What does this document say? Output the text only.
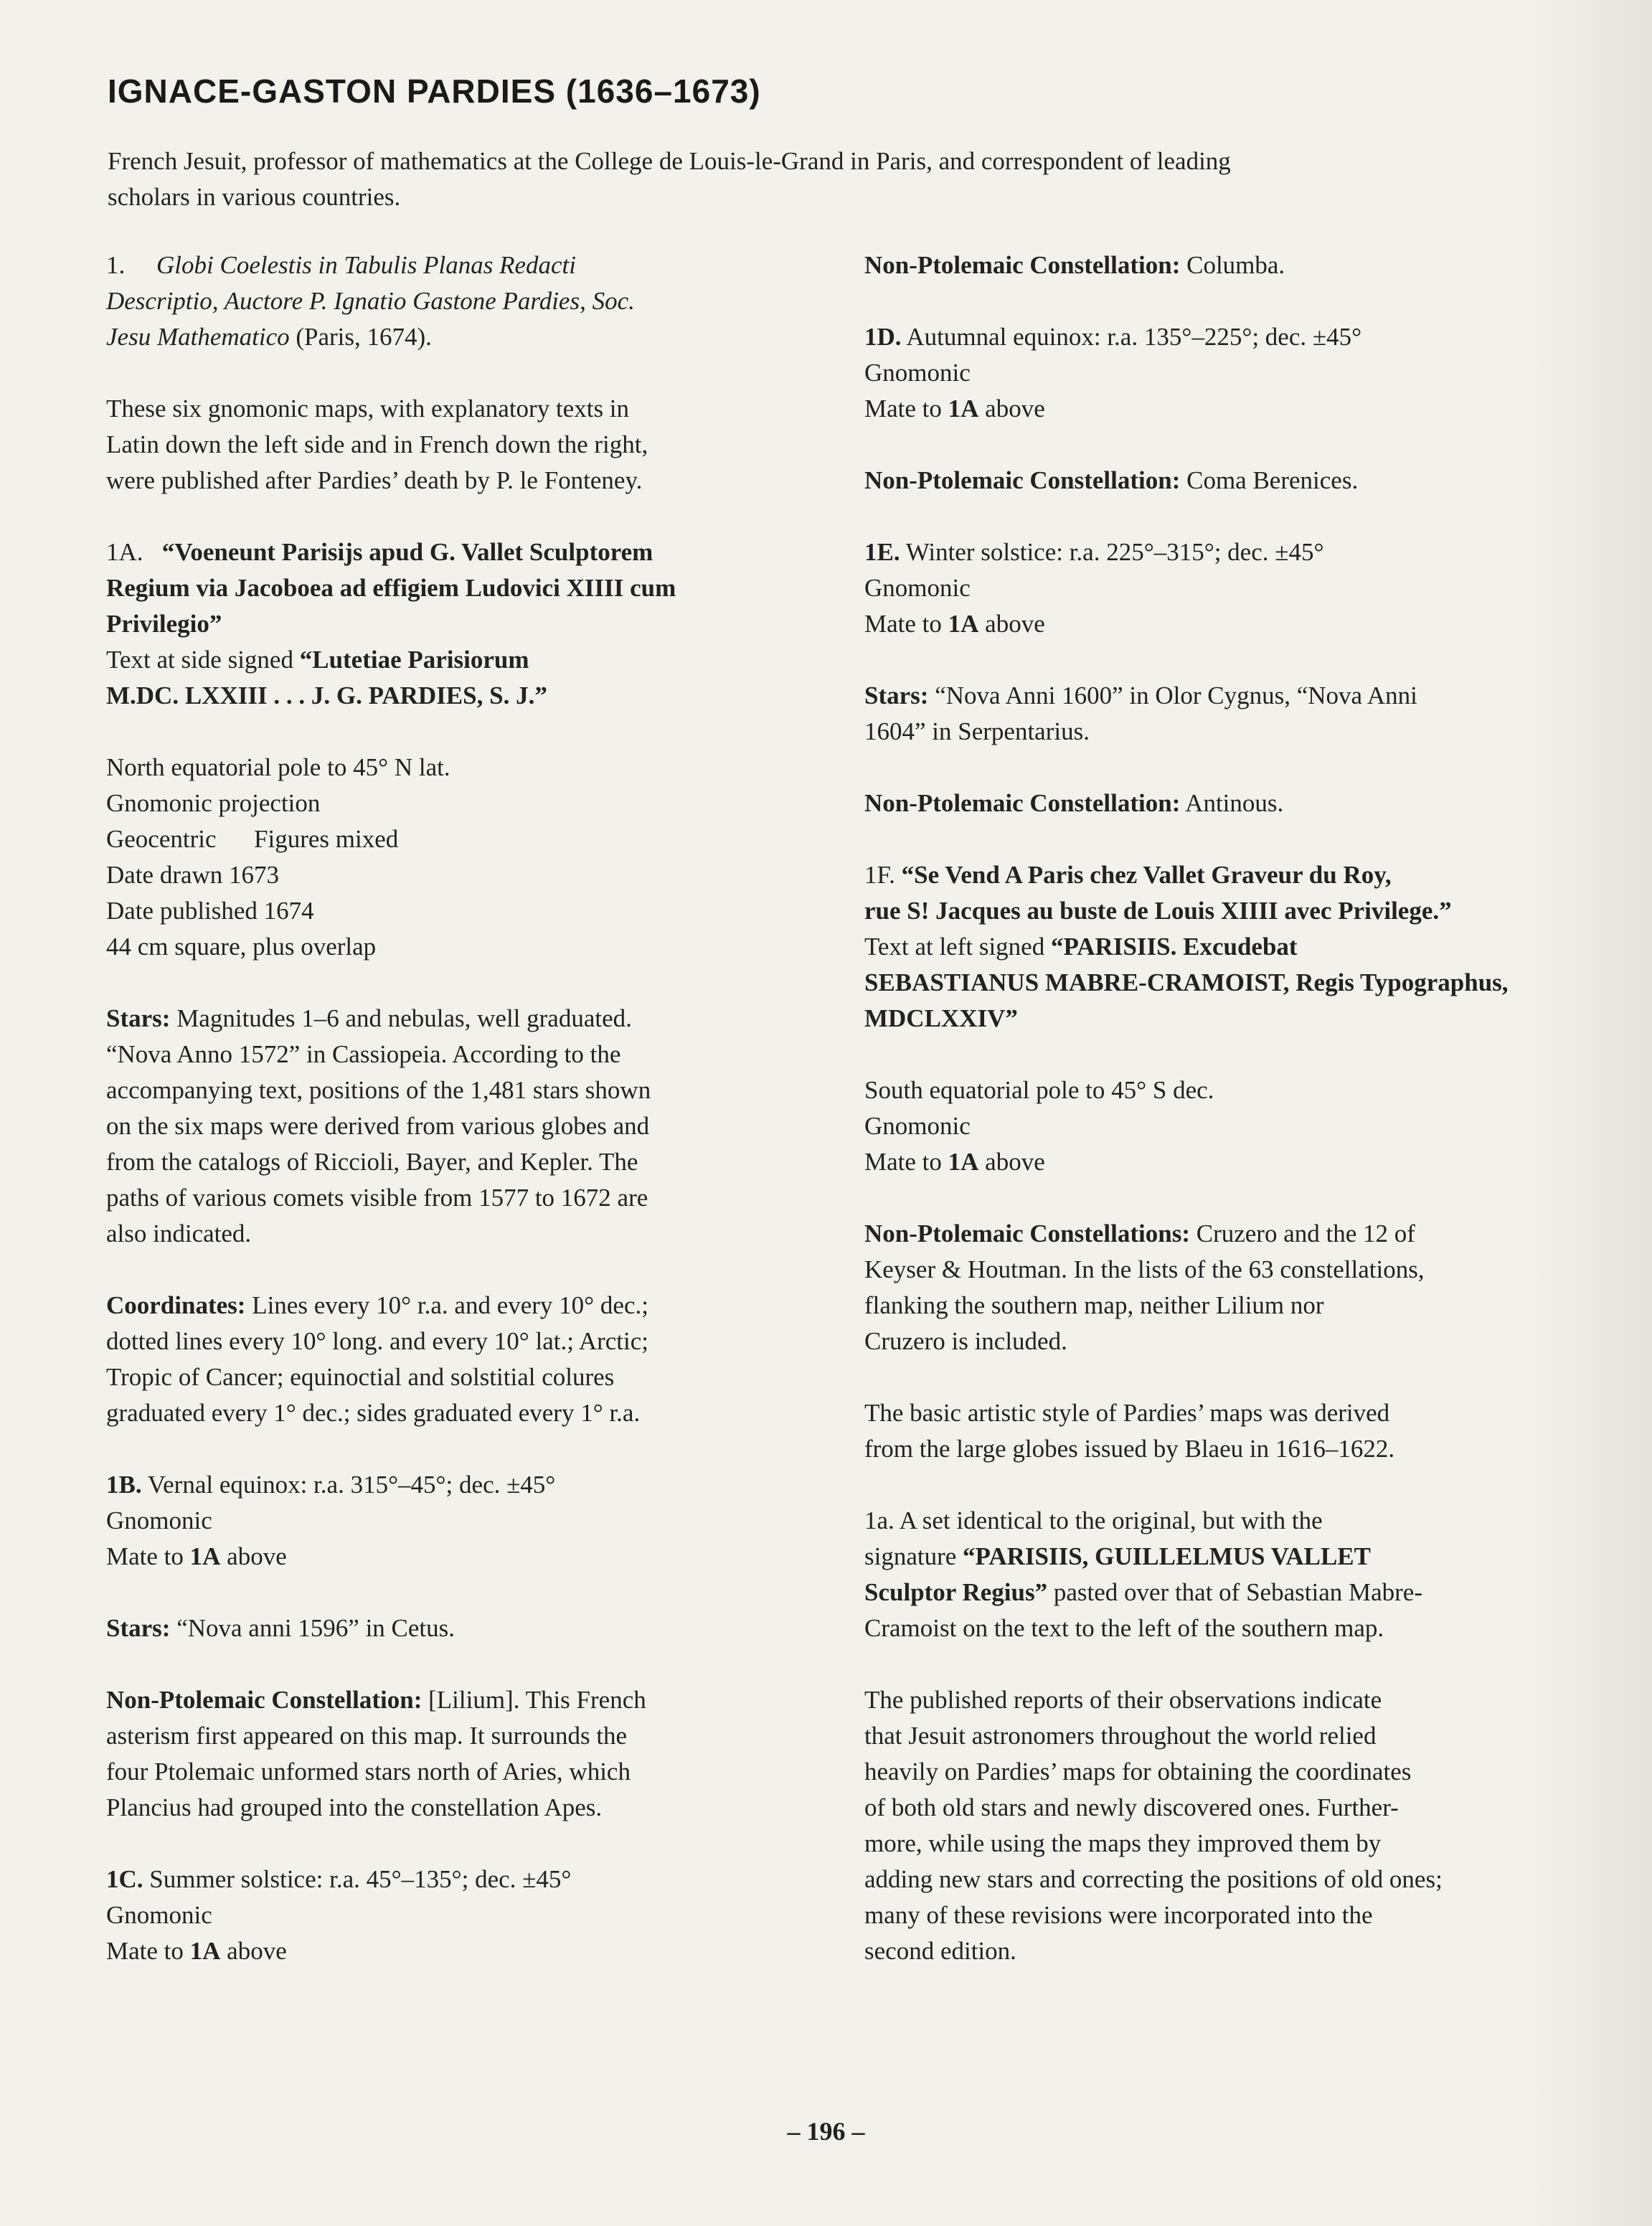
IGNACE-GASTON PARDIES (1636–1673)
French Jesuit, professor of mathematics at the College de Louis-le-Grand in Paris, and correspondent of leading
scholars in various countries.

1. Globi Coelestis in Tabulis Planas Redacti
Descriptio, Auctore P. Ignatio Gastone Pardies, Soc.
Jesu Mathematico (Paris, 1674).

These six gnomonic maps, with explanatory texts in
Latin down the left side and in French down the right,
were published after Pardies’ death by P. le Fonteney.

1A. “Voeneunt Parisijs apud G. Vallet Sculptorem
Regium via Jacoboea ad effigiem Ludovici XIIII cum
Privilegio”
Text at side signed “Lutetiae Parisiorum
M.DC. LXXIII . . . J. G. PARDIES, S. J.”

North equatorial pole to 45° N lat.
Gnomonic projection
Geocentric      Figures mixed
Date drawn 1673
Date published 1674
44 cm square, plus overlap

Stars: Magnitudes 1–6 and nebulas, well graduated.
“Nova Anno 1572” in Cassiopeia. According to the
accompanying text, positions of the 1,481 stars shown
on the six maps were derived from various globes and
from the catalogs of Riccioli, Bayer, and Kepler. The
paths of various comets visible from 1577 to 1672 are
also indicated.

Coordinates: Lines every 10° r.a. and every 10° dec.;
dotted lines every 10° long. and every 10° lat.; Arctic;
Tropic of Cancer; equinoctial and solstitial colures
graduated every 1° dec.; sides graduated every 1° r.a.

1B. Vernal equinox: r.a. 315°–45°; dec. ±45°
Gnomonic
Mate to 1A above

Stars: “Nova anni 1596” in Cetus.

Non-Ptolemaic Constellation: [Lilium]. This French
asterism first appeared on this map. It surrounds the
four Ptolemaic unformed stars north of Aries, which
Plancius had grouped into the constellation Apes.

1C. Summer solstice: r.a. 45°–135°; dec. ±45°
Gnomonic
Mate to 1A above

Non-Ptolemaic Constellation: Columba.

1D. Autumnal equinox: r.a. 135°–225°; dec. ±45°
Gnomonic
Mate to 1A above

Non-Ptolemaic Constellation: Coma Berenices.

1E. Winter solstice: r.a. 225°–315°; dec. ±45°
Gnomonic
Mate to 1A above

Stars: “Nova Anni 1600” in Olor Cygnus, “Nova Anni
1604” in Serpentarius.

Non-Ptolemaic Constellation: Antinous.

1F. “Se Vend A Paris chez Vallet Graveur du Roy,
rue S! Jacques au buste de Louis XIIII avec Privilege.”
Text at left signed “PARISIIS. Excudebat
SEBASTIANUS MABRE-CRAMOIST, Regis Typographus,
MDCLXXIV”

South equatorial pole to 45° S dec.
Gnomonic
Mate to 1A above

Non-Ptolemaic Constellations: Cruzero and the 12 of
Keyser & Houtman. In the lists of the 63 constellations,
flanking the southern map, neither Lilium nor
Cruzero is included.

The basic artistic style of Pardies’ maps was derived
from the large globes issued by Blaeu in 1616–1622.

1a. A set identical to the original, but with the
signature “PARISIIS, GUILLELMUS VALLET
Sculptor Regius” pasted over that of Sebastian Mabre-
Cramoist on the text to the left of the southern map.

The published reports of their observations indicate
that Jesuit astronomers throughout the world relied
heavily on Pardies’ maps for obtaining the coordinates
of both old stars and newly discovered ones. Further-
more, while using the maps they improved them by
adding new stars and correcting the positions of old ones;
many of these revisions were incorporated into the
second edition.

– 196 –
